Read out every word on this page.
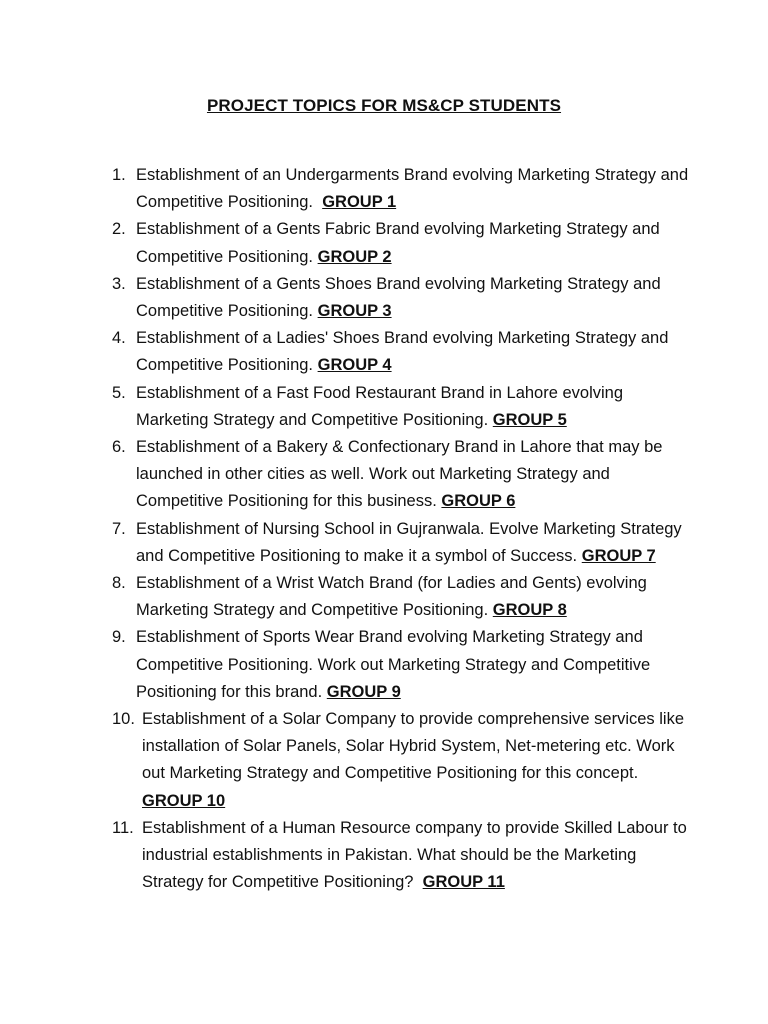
PROJECT TOPICS FOR MS&CP STUDENTS
1. Establishment of an Undergarments Brand evolving Marketing Strategy and Competitive Positioning. GROUP 1
2. Establishment of a Gents Fabric Brand evolving Marketing Strategy and Competitive Positioning. GROUP 2
3. Establishment of a Gents Shoes Brand evolving Marketing Strategy and Competitive Positioning. GROUP 3
4. Establishment of a Ladies' Shoes Brand evolving Marketing Strategy and Competitive Positioning. GROUP 4
5. Establishment of a Fast Food Restaurant Brand in Lahore evolving Marketing Strategy and Competitive Positioning. GROUP 5
6. Establishment of a Bakery & Confectionary Brand in Lahore that may be launched in other cities as well. Work out Marketing Strategy and Competitive Positioning for this business. GROUP 6
7. Establishment of Nursing School in Gujranwala. Evolve Marketing Strategy and Competitive Positioning to make it a symbol of Success. GROUP 7
8. Establishment of a Wrist Watch Brand (for Ladies and Gents) evolving Marketing Strategy and Competitive Positioning. GROUP 8
9. Establishment of Sports Wear Brand evolving Marketing Strategy and Competitive Positioning. Work out Marketing Strategy and Competitive Positioning for this brand. GROUP 9
10. Establishment of a Solar Company to provide comprehensive services like installation of Solar Panels, Solar Hybrid System, Net-metering etc. Work out Marketing Strategy and Competitive Positioning for this concept. GROUP 10
11. Establishment of a Human Resource company to provide Skilled Labour to industrial establishments in Pakistan. What should be the Marketing Strategy for Competitive Positioning? GROUP 11
